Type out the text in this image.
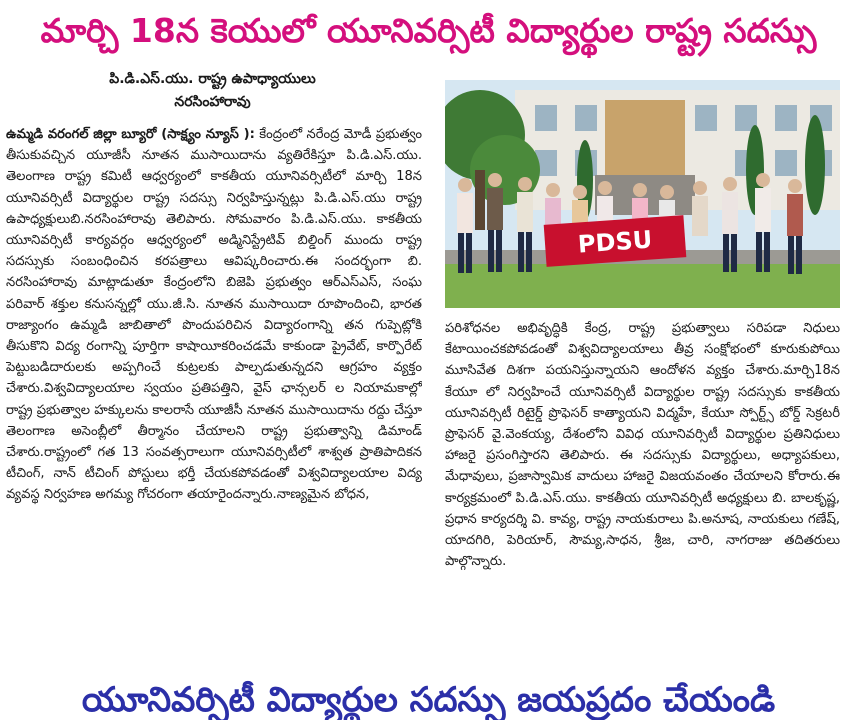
మార్చి 18న కెయులో యూనివర్సిటీ విద్యార్థుల రాష్ట్ర సదస్సు
పి.డి.ఎస్.యు. రాష్ట్ర ఉపాధ్యాయులు
నరసింహారావు
ఉమ్మడి వరంగల్ జిల్లా బ్యూరో (సాక్ష్యం న్యూస్ ): కేంద్రంలో నరేంద్ర మోడీ ప్రభుత్వం తీసుకువచ్చిన యూజీసీ నూతన ముసాయిదాను వ్యతిరేకిస్తూ పి.డి.ఎస్.యు. తెలంగాణ రాష్ట్ర కమిటీ ఆధ్వర్యంలో కాకతీయ యూనివర్సిటీలో మార్చి 18న యూనివర్సిటీ విద్యార్థుల రాష్ట్ర సదస్సు నిర్వహిస్తున్నట్లు పి.డి.ఎస్.యు రాష్ట్ర ఉపాధ్యక్షులుబి.నరసింహారావు తెలిపారు. సోమవారం పి.డి.ఎస్.యు. కాకతీయ యూనివర్సిటీ కార్యవర్గం ఆధ్వర్యంలో అడ్మినిస్ట్రేటివ్ బిల్డింగ్ ముందు రాష్ట్ర సదస్సుకు సంబంధించిన కరపత్రాలు ఆవిష్కరించారు.ఈ సందర్భంగా బి. నరసింహారావు మాట్లాడుతూ కేంద్రంలోని బిజెపి ప్రభుత్వం ఆర్ఎస్ఎస్, సంఘ పరివార్ శక్తుల కనుసన్నల్లో యు.జీ.సి. నూతన ముసాయిదా రూపొందించి, భారత రాజ్యాంగం ఉమ్మడి జాబితాలో పొందుపరిచిన విద్యారంగాన్ని తన గుప్పెట్లోకి తీసుకొని విద్య రంగాన్ని పూర్తిగా కాషాయీకరించడమే కాకుండా ప్రైవేట్, కార్పొరేట్ పెట్టుబడిదారులకు అప్పగించే కుట్రలకు పాల్పడుతున్నదని ఆగ్రహం వ్యక్తం చేశారు.విశ్వవిద్యాలయాల స్వయం ప్రతిపత్తిని, వైస్ ఛాన్సలర్ ల నియామకాల్లో రాష్ట్ర ప్రభుత్వాల హక్కులను కాలరాసే యూజీసీ నూతన ముసాయిదాను రద్దు చేస్తూ తెలంగాణ అసెంబ్లీలో తీర్మానం చేయాలని రాష్ట్ర ప్రభుత్వాన్ని డిమాండ్ చేశారు.రాష్ట్రంలో గత 13 సంవత్సరాలుగా యూనివర్సిటీలో శాశ్వత ప్రాతిపాదికన టీచింగ్, నాన్ టీచింగ్ పోస్టులు భర్తీ చేయకపోవడంతో విశ్వవిద్యాలయాల విద్య వ్యవస్థ నిర్వహణ అగమ్య గోచరంగా తయారైందన్నారు.నాణ్యమైన బోధన,
PDSU
పరిశోధనల అభివృద్ధికి కేంద్ర, రాష్ట్ర ప్రభుత్వాలు సరిపడా నిధులు కేటాయించకపోవడంతో విశ్వవిద్యాలయాలు తీవ్ర సంక్షోభంలో కూరుకుపోయి మూసివేత దిశగా పయనిస్తున్నాయని ఆందోళన వ్యక్తం చేశారు.మార్చి18న కేయూ లో నిర్వహించే యూనివర్సిటీ విద్యార్థుల రాష్ట్ర సదస్సుకు కాకతీయ యూనివర్సిటీ రిటైర్డ్ ప్రొఫెసర్ కాత్యాయని విద్మహే, కేయూ స్పోర్ట్స్ బోర్డ్ సెక్రటరీ ప్రొఫెసర్ వై.వెంకయ్య, దేశంలోని వివిధ యూనివర్సిటీ విద్యార్థుల ప్రతినిధులు హాజరై ప్రసంగిస్తారని తెలిపారు. ఈ సదస్సుకు విద్యార్థులు, అధ్యాపకులు, మేధావులు, ప్రజాస్వామిక వాదులు హాజరై విజయవంతం చేయాలని కోరారు.ఈ కార్యక్రమంలో పి.డి.ఎస్.యు. కాకతీయ యూనివర్సిటీ అధ్యక్షులు బి. బాలకృష్ణ, ప్రధాన కార్యదర్శి వి. కావ్య, రాష్ట్ర నాయకురాలు పి.అనూష, నాయకులు గణేష్, యాదగిరి, పెరియార్, సౌమ్య,సాధన, శ్రీజ, చారి, నాగరాజు తదితరులు పాల్గొన్నారు.
యూనివర్సిటీ విద్యార్థుల సదస్సు జయప్రదం చేయండి
